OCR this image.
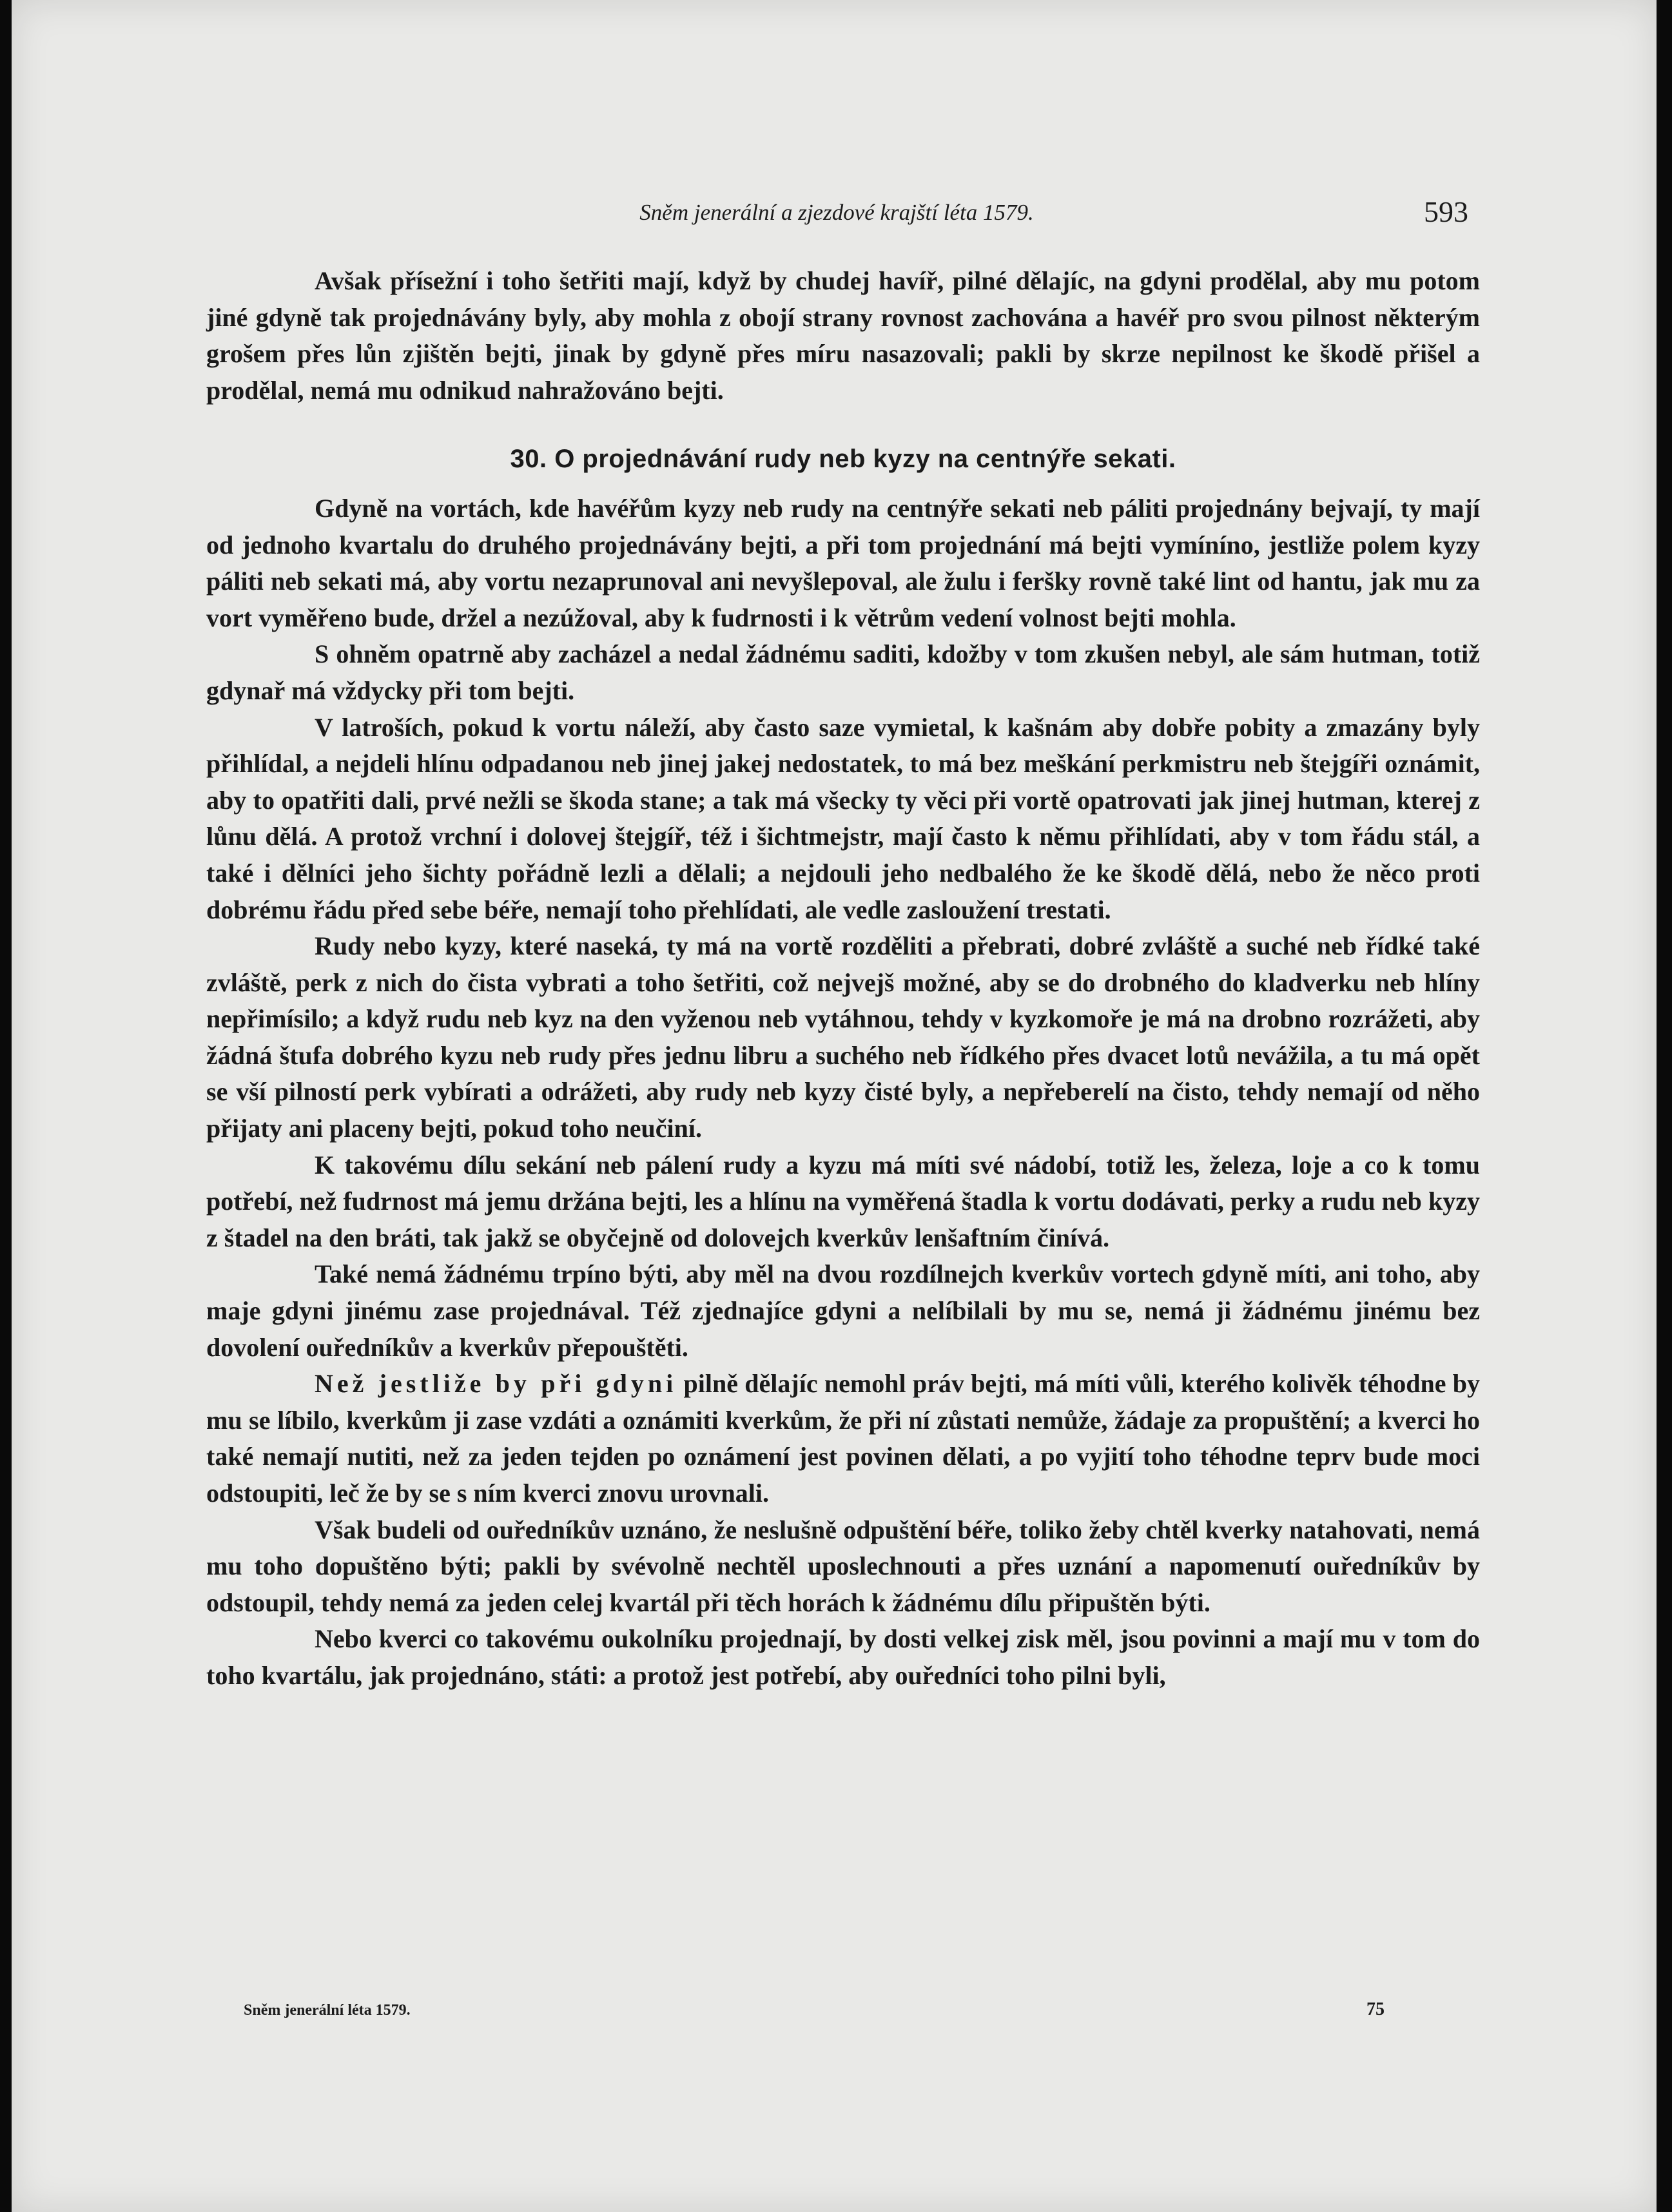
Sněm jenerální a zjezdové krajští léta 1579.	593

Avšak přísežní i toho šetřiti mají, když by chudej havíř, pilné dělajíc, na gdyni prodělal, aby mu potom jiné gdyně tak projednávány byly, aby mohla z obojí strany rovnost zachována a havéř pro svou pilnost některým grošem přes lůn zjištěn bejti, jinak by gdyně přes míru nasazovali; pakli by skrze nepilnost ke škodě přišel a prodělal, nemá mu odnikud nahražováno bejti.

30. O projednávání rudy neb kyzy na centnýře sekati.

Gdyně na vortách, kde havéřům kyzy neb rudy na centnýře sekati neb páliti projednány bejvají, ty mají od jednoho kvartalu do druhého projednávány bejti, a při tom projednání má bejti vymíníno, jestliže polem kyzy páliti neb sekati má, aby vortu nezaprunoval ani nevyšlepoval, ale žulu i feršky rovně také lint od hantu, jak mu za vort vyměřeno bude, držel a nezúžoval, aby k fudrnosti i k větrům vedení volnost bejti mohla.

S ohněm opatrně aby zacházel a nedal žádnému saditi, kdožby v tom zkušen nebyl, ale sám hutman, totiž gdynař má vždycky při tom bejti.

V latroších, pokud k vortu náleží, aby často saze vymietal, k kašnám aby dobře pobity a zmazány byly přihlídal, a nejdeli hlínu odpadanou neb jinej jakej nedostatek, to má bez meškání perkmistru neb štejgíři oznámit, aby to opatřiti dali, prvé nežli se škoda stane; a tak má všecky ty věci při vortě opatrovati jak jinej hutman, kterej z lůnu dělá. A protož vrchní i dolovej štejgíř, též i šichtmejstr, mají často k němu přihlídati, aby v tom řádu stál, a také i dělníci jeho šichty pořádně lezli a dělali; a nejdouli jeho nedbalého že ke škodě dělá, nebo že něco proti dobrému řádu před sebe béře, nemají toho přehlídati, ale vedle zasloužení trestati.

Rudy nebo kyzy, které naseká, ty má na vortě rozděliti a přebrati, dobré zvláště a suché neb řídké také zvláště, perk z nich do čista vybrati a toho šetřiti, což nejvejš možné, aby se do drobného do kladverku neb hlíny nepřimísilo; a když rudu neb kyz na den vyženou neb vytáhnou, tehdy v kyzkomoře je má na drobno rozrážeti, aby žádná štufa dobrého kyzu neb rudy přes jednu libru a suchého neb řídkého přes dvacet lotů nevážila, a tu má opět se vší pilností perk vybírati a odrážeti, aby rudy neb kyzy čisté byly, a nepřeberelí na čisto, tehdy nemají od něho přijaty ani placeny bejti, pokud toho neučiní.

K takovému dílu sekání neb pálení rudy a kyzu má míti své nádobí, totiž les, železa, loje a co k tomu potřebí, než fudrnost má jemu držána bejti, les a hlínu na vyměřená štadla k vortu dodávati, perky a rudu neb kyzy z štadel na den bráti, tak jakž se obyčejně od dolovejch kverkův lenšaftním činívá.

Také nemá žádnému trpíno býti, aby měl na dvou rozdílnejch kverkův vortech gdyně míti, ani toho, aby maje gdyni jinému zase projednával. Též zjednajíce gdyni a nelíbilali by mu se, nemá ji žádnému jinému bez dovolení ouředníkův a kverkův přepouštěti.

Než jestliže by při gdyni pilně dělajíc nemohl práv bejti, má míti vůli, kterého kolivěk téhodne by mu se líbilo, kverkům ji zase vzdáti a oznámiti kverkům, že při ní zůstati nemůže, žádaje za propuštění; a kverci ho také nemají nutiti, než za jeden tejden po oznámení jest povinen dělati, a po vyjití toho téhodne teprv bude moci odstoupiti, leč že by se s ním kverci znovu urovnali.

Však budeli od ouředníkův uznáno, že neslušně odpuštění béře, toliko žeby chtěl kverky natahovati, nemá mu toho dopuštěno býti; pakli by svévolně nechtěl uposlechnouti a přes uznání a napomenutí ouředníkův by odstoupil, tehdy nemá za jeden celej kvartál při těch horách k žádnému dílu připuštěn býti.

Nebo kverci co takovému oukolníku projednají, by dosti velkej zisk měl, jsou povinni a mají mu v tom do toho kvartálu, jak projednáno, státi: a protož jest potřebí, aby ouředníci toho pilni byli,

Sněm jenerální léta 1579.	75
